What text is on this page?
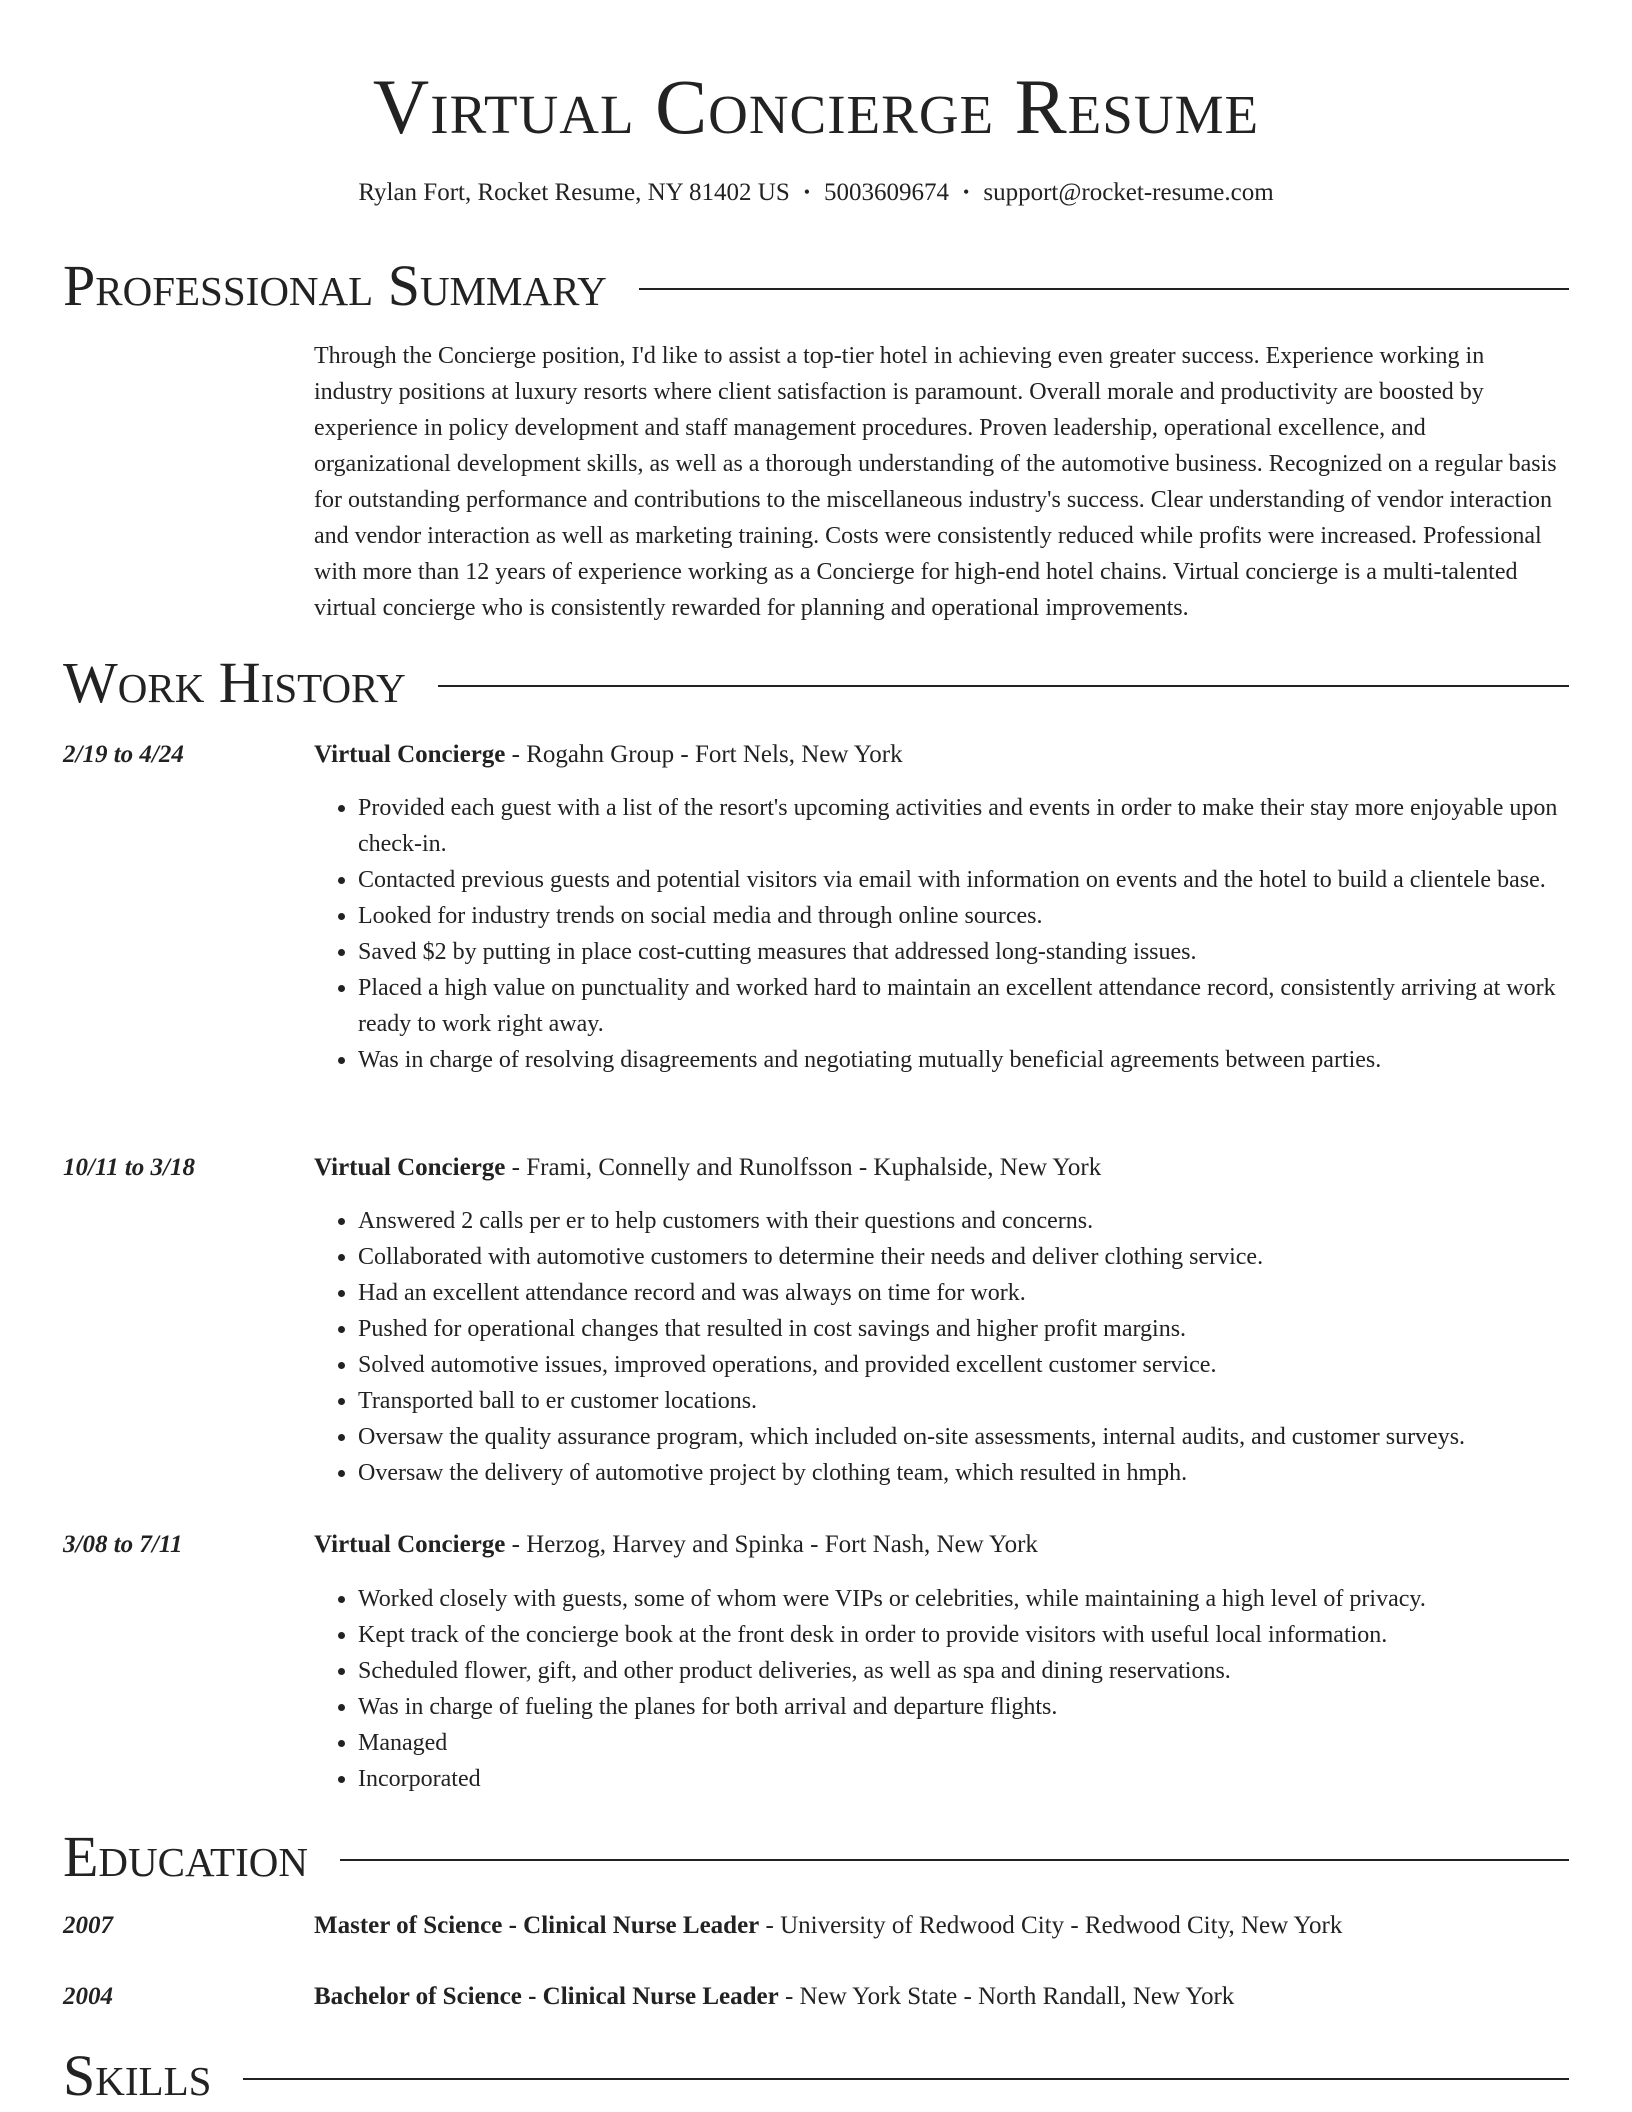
Virtual Concierge Resume
Rylan Fort, Rocket Resume, NY 81402 US • 5003609674 • support@rocket-resume.com
Professional Summary

Through the Concierge position, I'd like to assist a top-tier hotel in achieving even greater success. Experience working in industry positions at luxury resorts where client satisfaction is paramount. Overall morale and productivity are boosted by experience in policy development and staff management procedures. Proven leadership, operational excellence, and organizational development skills, as well as a thorough understanding of the automotive business. Recognized on a regular basis for outstanding performance and contributions to the miscellaneous industry's success. Clear understanding of vendor interaction and vendor interaction as well as marketing training. Costs were consistently reduced while profits were increased. Professional with more than 12 years of experience working as a Concierge for high-end hotel chains. Virtual concierge is a multi-talented virtual concierge who is consistently rewarded for planning and operational improvements.

Work History
2/19 to 4/24	Virtual Concierge - Rogahn Group - Fort Nels, New York
• Provided each guest with a list of the resort's upcoming activities and events in order to make their stay more enjoyable upon check-in.
• Contacted previous guests and potential visitors via email with information on events and the hotel to build a clientele base.
• Looked for industry trends on social media and through online sources.
• Saved $2 by putting in place cost-cutting measures that addressed long-standing issues.
• Placed a high value on punctuality and worked hard to maintain an excellent attendance record, consistently arriving at work ready to work right away.
• Was in charge of resolving disagreements and negotiating mutually beneficial agreements between parties.
10/11 to 3/18	Virtual Concierge - Frami, Connelly and Runolfsson - Kuphalside, New York
• Answered 2 calls per er to help customers with their questions and concerns.
• Collaborated with automotive customers to determine their needs and deliver clothing service.
• Had an excellent attendance record and was always on time for work.
• Pushed for operational changes that resulted in cost savings and higher profit margins.
• Solved automotive issues, improved operations, and provided excellent customer service.
• Transported ball to er customer locations.
• Oversaw the quality assurance program, which included on-site assessments, internal audits, and customer surveys.
• Oversaw the delivery of automotive project by clothing team, which resulted in hmph.
3/08 to 7/11	Virtual Concierge - Herzog, Harvey and Spinka - Fort Nash, New York
• Worked closely with guests, some of whom were VIPs or celebrities, while maintaining a high level of privacy.
• Kept track of the concierge book at the front desk in order to provide visitors with useful local information.
• Scheduled flower, gift, and other product deliveries, as well as spa and dining reservations.
• Was in charge of fueling the planes for both arrival and departure flights.
• Managed
• Incorporated
Education
2007	Master of Science - Clinical Nurse Leader - University of Redwood City - Redwood City, New York
2004	Bachelor of Science - Clinical Nurse Leader - New York State - North Randall, New York
Skills
